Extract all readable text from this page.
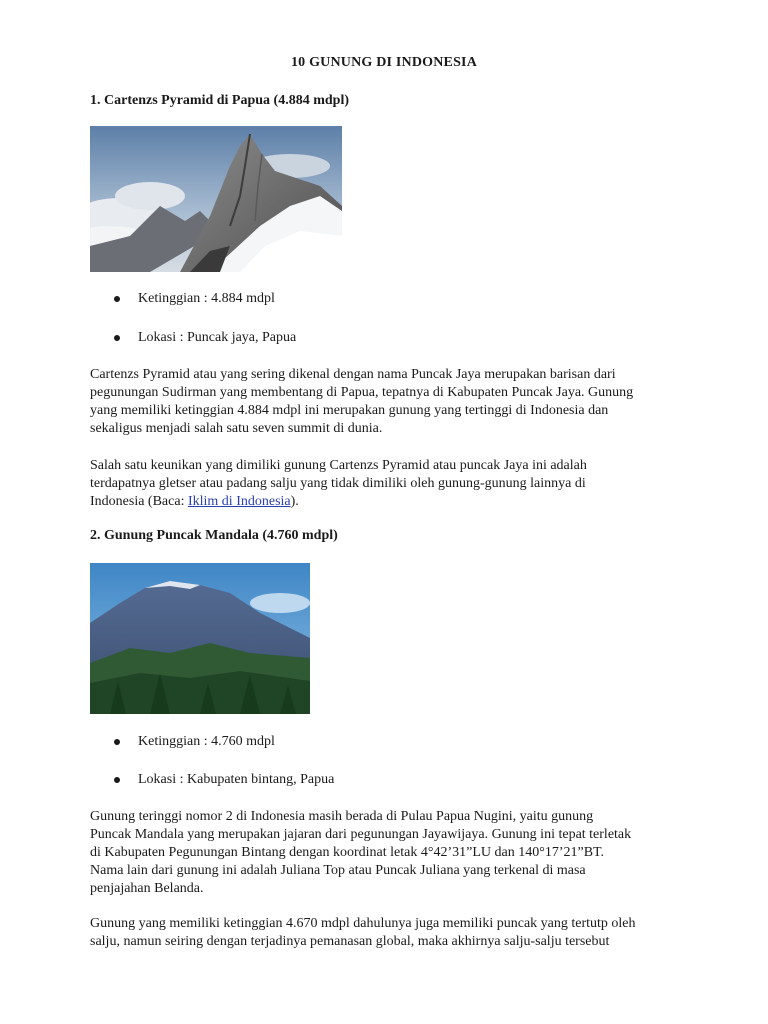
10 GUNUNG DI INDONESIA
1. Cartenzs Pyramid di Papua (4.884 mdpl)
Ketinggian : 4.884 mdpl
Lokasi : Puncak jaya, Papua
Cartenzs Pyramid atau yang sering dikenal dengan nama Puncak Jaya merupakan barisan dari
pegunungan Sudirman yang membentang di Papua, tepatnya di Kabupaten Puncak Jaya. Gunung
yang memiliki ketinggian 4.884 mdpl ini merupakan gunung yang tertinggi di Indonesia dan
sekaligus menjadi salah satu seven summit di dunia.
Salah satu keunikan yang dimiliki gunung Cartenzs Pyramid atau puncak Jaya ini adalah
terdapatnya gletser atau padang salju yang tidak dimiliki oleh gunung-gunung lainnya di
Indonesia (Baca: Iklim di Indonesia).
2. Gunung Puncak Mandala (4.760 mdpl)
Ketinggian : 4.760 mdpl
Lokasi : Kabupaten bintang, Papua
Gunung teringgi nomor 2 di Indonesia masih berada di Pulau Papua Nugini, yaitu gunung
Puncak Mandala yang merupakan jajaran dari pegunungan Jayawijaya. Gunung ini tepat terletak
di Kabupaten Pegunungan Bintang dengan koordinat letak 4°42’31”LU dan 140°17’21”BT.
Nama lain dari gunung ini adalah Juliana Top atau Puncak Juliana yang terkenal di masa
penjajahan Belanda.
Gunung yang memiliki ketinggian 4.670 mdpl dahulunya juga memiliki puncak yang tertutp oleh
salju, namun seiring dengan terjadinya pemanasan global, maka akhirnya salju-salju tersebut
